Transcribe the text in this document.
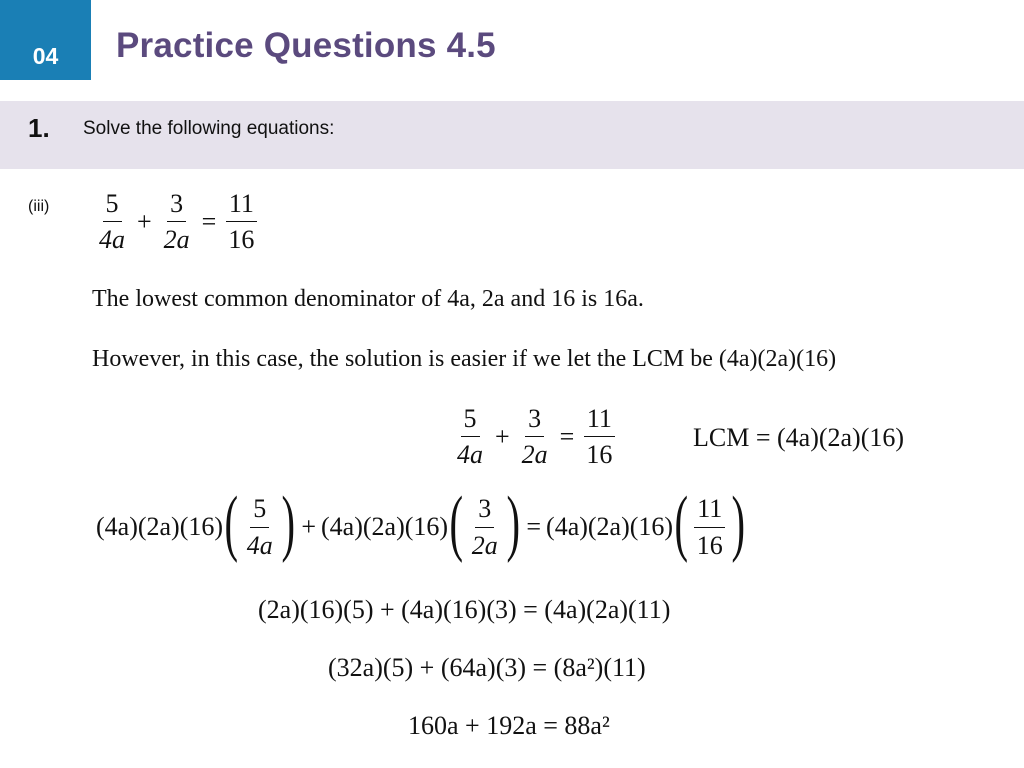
04 Practice Questions 4.5
1. Solve the following equations:
$(iii) \frac{5}{4a} + \frac{3}{2a} = \frac{11}{16}$
The lowest common denominator of 4a, 2a and 16 is 16a.
However, in this case, the solution is easier if we let the LCM be (4a)(2a)(16)
$\frac{5}{4a} + \frac{3}{2a} = \frac{11}{16}$	LCM = (4a)(2a)(16)
(4a)(2a)(16) ( $\frac{5}{4a}$ ) + (4a)(2a)(16) ( $\frac{3}{2a}$ ) = (4a)(2a)(16) ( $\frac{11}{16}$ )
(2a)(16)(5) + (4a)(16)(3) = (4a)(2a)(11)
(32a)(5) + (64a)(3) = (8a²)(11)
160a + 192a = 88a²
